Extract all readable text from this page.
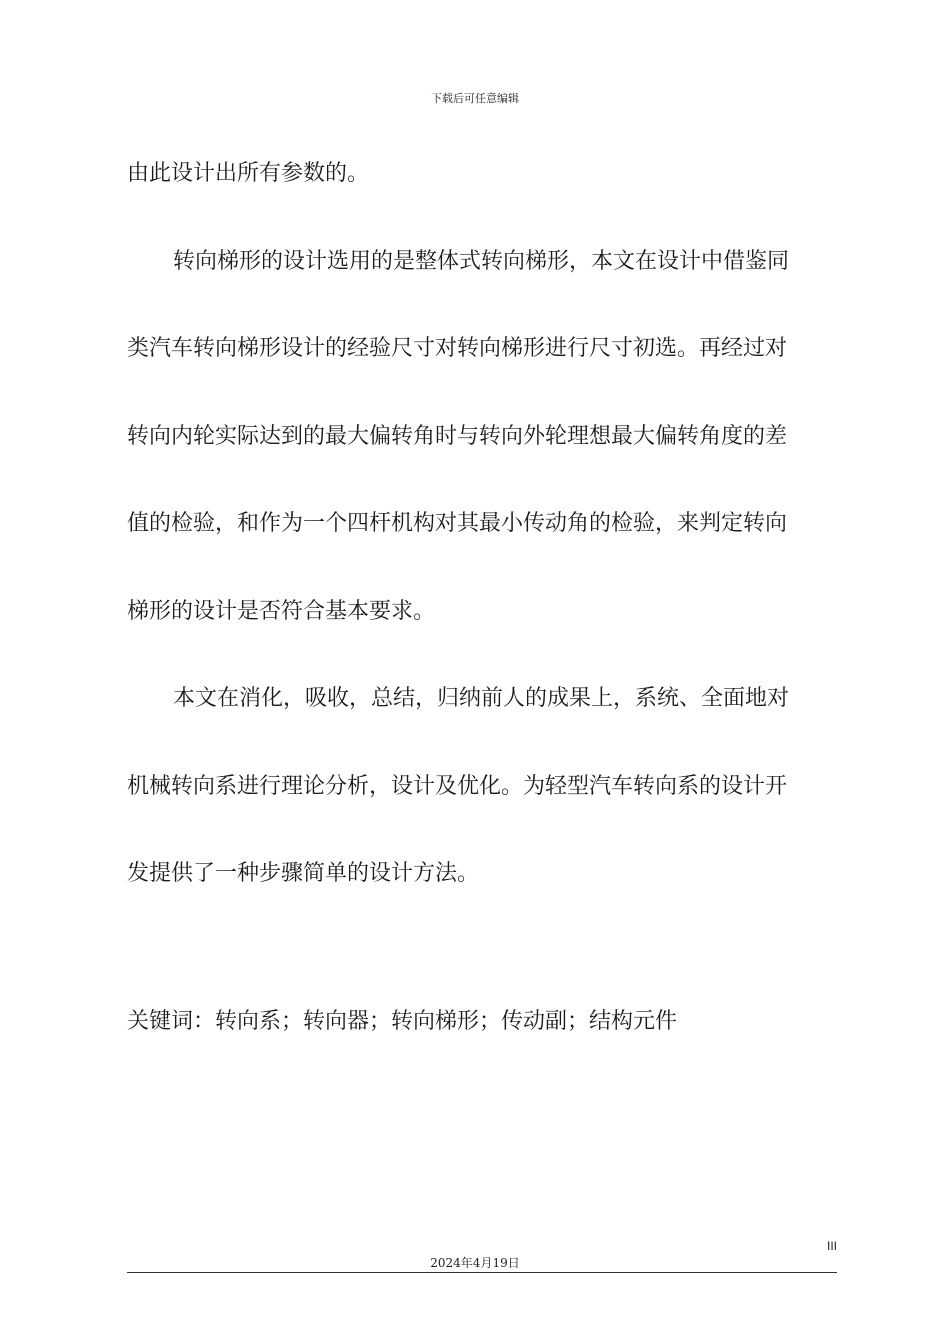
下载后可任意编辑
由此设计出所有参数的。
转向梯形的设计选用的是整体式转向梯形，本文在设计中借鉴同
类汽车转向梯形设计的经验尺寸对转向梯形进行尺寸初选。再经过对
转向内轮实际达到的最大偏转角时与转向外轮理想最大偏转角度的差
值的检验，和作为一个四杆机构对其最小传动角的检验，来判定转向
梯形的设计是否符合基本要求。
本文在消化，吸收，总结，归纳前人的成果上，系统、全面地对
机械转向系进行理论分析，设计及优化。为轻型汽车转向系的设计开
发提供了一种步骤简单的设计方法。
关键词：转向系；转向器；转向梯形；传动副；结构元件
III
2024年4月19日
